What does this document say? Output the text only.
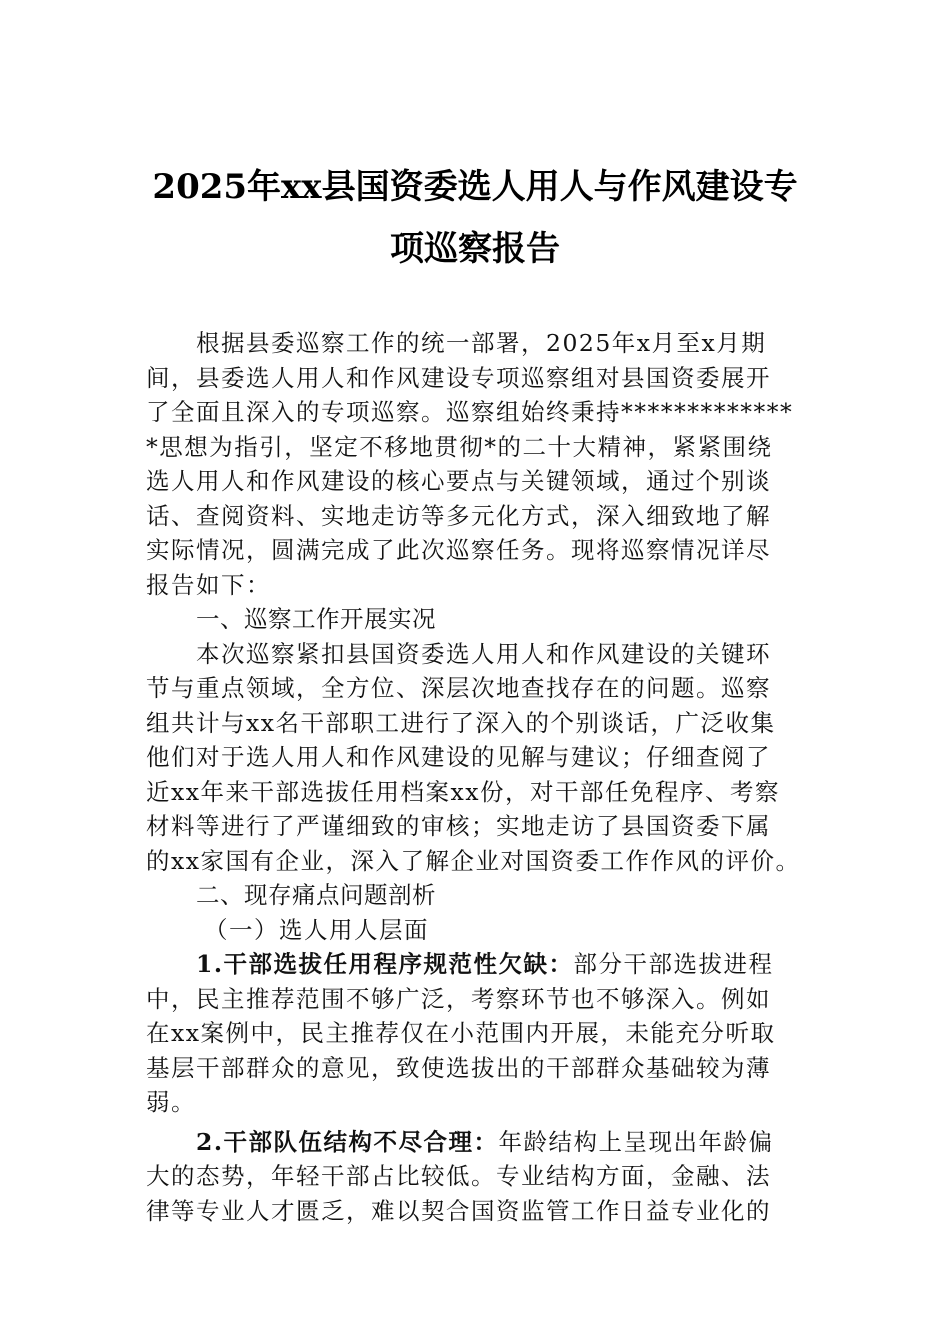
2025年xx县国资委选人用人与作风建设专
项巡察报告
根据县委巡察工作的统一部署，2025年x月至x月期
间，县委选人用人和作风建设专项巡察组对县国资委展开
了全面且深入的专项巡察。巡察组始终秉持*************
*思想为指引，坚定不移地贯彻*的二十大精神，紧紧围绕
选人用人和作风建设的核心要点与关键领域，通过个别谈
话、查阅资料、实地走访等多元化方式，深入细致地了解
实际情况，圆满完成了此次巡察任务。现将巡察情况详尽
报告如下：
一、巡察工作开展实况
本次巡察紧扣县国资委选人用人和作风建设的关键环
节与重点领域，全方位、深层次地查找存在的问题。巡察
组共计与xx名干部职工进行了深入的个别谈话，广泛收集
他们对于选人用人和作风建设的见解与建议；仔细查阅了
近xx年来干部选拔任用档案xx份，对干部任免程序、考察
材料等进行了严谨细致的审核；实地走访了县国资委下属
的xx家国有企业，深入了解企业对国资委工作作风的评价。
二、现存痛点问题剖析
（一）选人用人层面
1.干部选拔任用程序规范性欠缺：部分干部选拔进程
中，民主推荐范围不够广泛，考察环节也不够深入。例如
在xx案例中，民主推荐仅在小范围内开展，未能充分听取
基层干部群众的意见，致使选拔出的干部群众基础较为薄
弱。
2.干部队伍结构不尽合理：年龄结构上呈现出年龄偏
大的态势，年轻干部占比较低。专业结构方面，金融、法
律等专业人才匮乏，难以契合国资监管工作日益专业化的
